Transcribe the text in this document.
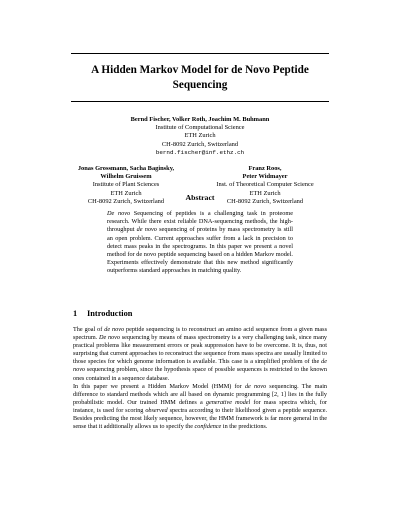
A Hidden Markov Model for de Novo Peptide
Sequencing
Bernd Fischer, Volker Roth, Joachim M. Buhmann
Institute of Computational Science
ETH Zurich
CH-8092 Zurich, Switzerland
bernd.fischer@inf.ethz.ch
Jonas Grossmann, Sacha Baginsky,
Wilhelm Gruissem
Institute of Plant Sciences
ETH Zurich
CH-8092 Zurich, Switzerland
Franz Roos,
Peter Widmayer
Inst. of Theoretical Computer Science
ETH Zurich
CH-8092 Zurich, Switzerland
Abstract
De novo Sequencing of peptides is a challenging task in proteome research. While there exist reliable DNA-sequencing methods, the high-throughput de novo sequencing of proteins by mass spectrometry is still an open problem. Current approaches suffer from a lack in precision to detect mass peaks in the spectrograms. In this paper we present a novel method for de novo peptide sequencing based on a hidden Markov model. Experiments effectively demonstrate that this new method significantly outperforms standard approaches in matching quality.
1 Introduction
The goal of de novo peptide sequencing is to reconstruct an amino acid sequence from a given mass spectrum. De novo sequencing by means of mass spectrometry is a very challenging task, since many practical problems like measurement errors or peak suppression have to be overcome. It is, thus, not surprising that current approaches to reconstruct the sequence from mass spectra are usually limited to those species for which genome information is available. This case is a simplified problem of the de novo sequencing problem, since the hypothesis space of possible sequences is restricted to the known ones contained in a sequence database.
In this paper we present a Hidden Markov Model (HMM) for de novo sequencing. The main difference to standard methods which are all based on dynamic programming [2, 1] lies in the fully probabilistic model. Our trained HMM defines a generative model for mass spectra which, for instance, is used for scoring observed spectra according to their likelihood given a peptide sequence. Besides predicting the most likely sequence, however, the HMM framework is far more general in the sense that it additionally allows us to specify the confidence in the predictions.
